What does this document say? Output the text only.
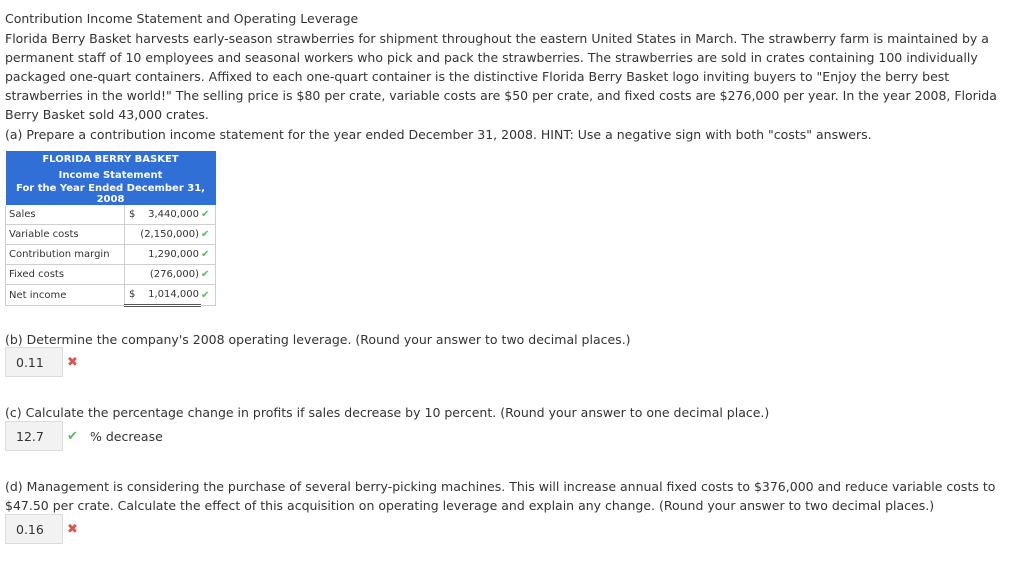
Contribution Income Statement and Operating Leverage
Florida Berry Basket harvests early-season strawberries for shipment throughout the eastern United States in March. The strawberry farm is maintained by a permanent staff of 10 employees and seasonal workers who pick and pack the strawberries. The strawberries are sold in crates containing 100 individually packaged one-quart containers. Affixed to each one-quart container is the distinctive Florida Berry Basket logo inviting buyers to "Enjoy the berry best strawberries in the world!" The selling price is $80 per crate, variable costs are $50 per crate, and fixed costs are $276,000 per year. In the year 2008, Florida Berry Basket sold 43,000 crates.
(a) Prepare a contribution income statement for the year ended December 31, 2008. HINT: Use a negative sign with both "costs" answers.
FLORIDA BERRY BASKET			
Income Statement			
For the Year Ended December 31, 2008			
Sales	$	3,440,000	✔
Variable costs		(2,150,000)	✔
Contribution margin		1,290,000	✔
Fixed costs		(276,000)	✔
Net income	$	1,014,000	✔
(b) Determine the company's 2008 operating leverage. (Round your answer to two decimal places.)
0.11	✖
(c) Calculate the percentage change in profits if sales decrease by 10 percent. (Round your answer to one decimal place.)
12.7	✔ % decrease
(d) Management is considering the purchase of several berry-picking machines. This will increase annual fixed costs to $376,000 and reduce variable costs to $47.50 per crate. Calculate the effect of this acquisition on operating leverage and explain any change. (Round your answer to two decimal places.)
0.16	✖
